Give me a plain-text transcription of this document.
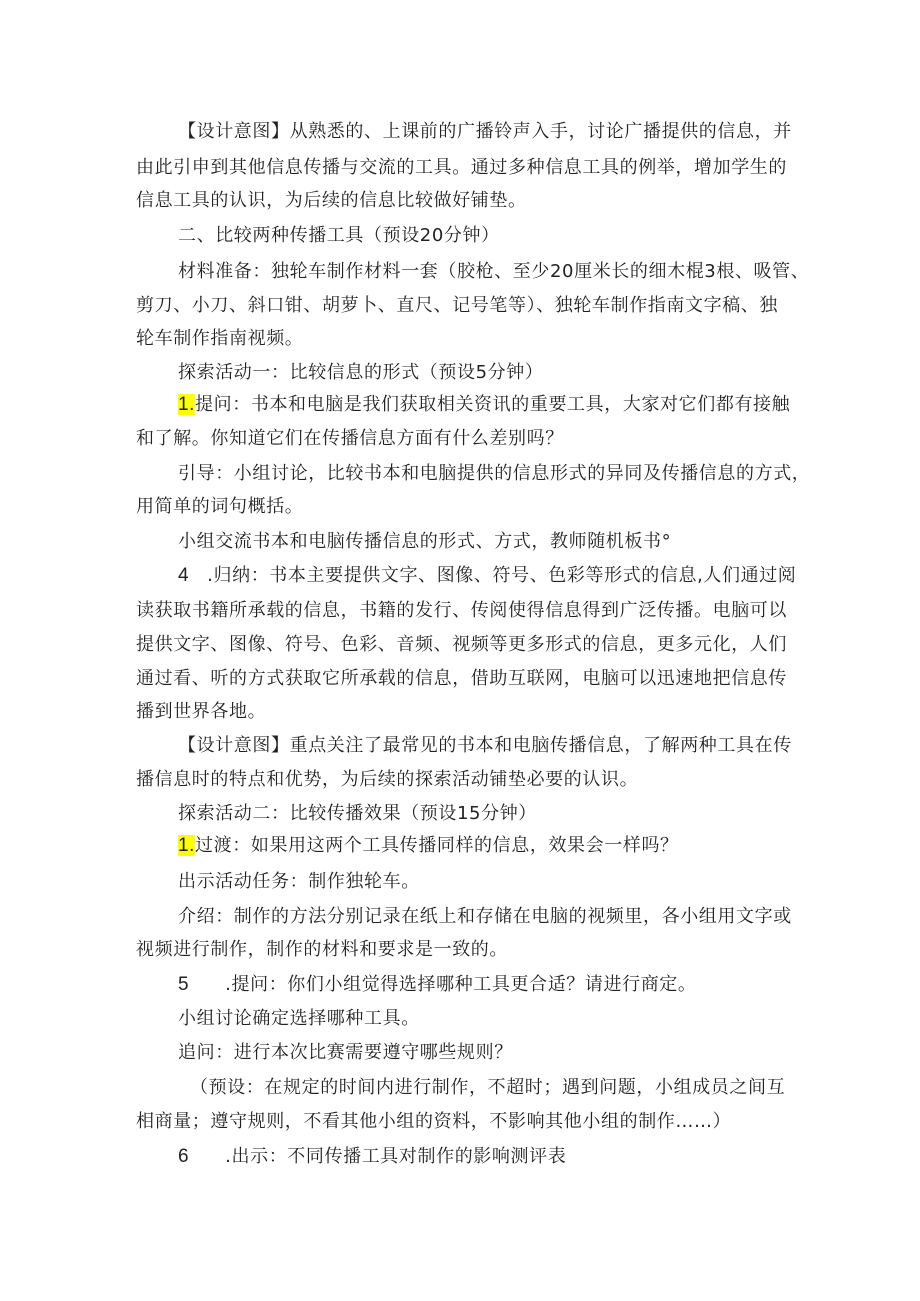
【设计意图】从熟悉的、上课前的广播铃声入手，讨论广播提供的信息，并
由此引申到其他信息传播与交流的工具。通过多种信息工具的例举，增加学生的
信息工具的认识，为后续的信息比较做好铺垫。
二、比较两种传播工具（预设20分钟）
材料准备：独轮车制作材料一套（胶枪、至少20厘米长的细木棍3根、吸管、
剪刀、小刀、斜口钳、胡萝卜、直尺、记号笔等）、独轮车制作指南文字稿、独
轮车制作指南视频。
探索活动一：比较信息的形式（预设5分钟）
1.提问：书本和电脑是我们获取相关资讯的重要工具，大家对它们都有接触
和了解。你知道它们在传播信息方面有什么差别吗？
引导：小组讨论，比较书本和电脑提供的信息形式的异同及传播信息的方式，
用简单的词句概括。
小组交流书本和电脑传播信息的形式、方式，教师随机板书°
4 .归纳：书本主要提供文字、图像、符号、色彩等形式的信息,人们通过阅
读获取书籍所承载的信息，书籍的发行、传阅使得信息得到广泛传播。电脑可以
提供文字、图像、符号、色彩、音频、视频等更多形式的信息，更多元化，人们
通过看、听的方式获取它所承载的信息，借助互联网，电脑可以迅速地把信息传
播到世界各地。
【设计意图】重点关注了最常见的书本和电脑传播信息，了解两种工具在传
播信息时的特点和优势，为后续的探索活动铺垫必要的认识。
探索活动二：比较传播效果（预设15分钟）
1.过渡：如果用这两个工具传播同样的信息，效果会一样吗？
出示活动任务：制作独轮车。
介绍：制作的方法分别记录在纸上和存储在电脑的视频里，各小组用文字或
视频进行制作，制作的材料和要求是一致的。
5 .提问：你们小组觉得选择哪种工具更合适？请进行商定。
小组讨论确定选择哪种工具。
追问：进行本次比赛需要遵守哪些规则？
（预设：在规定的时间内进行制作，不超时；遇到问题，小组成员之间互
相商量；遵守规则，不看其他小组的资料，不影响其他小组的制作……）
6 .出示：不同传播工具对制作的影响测评表
